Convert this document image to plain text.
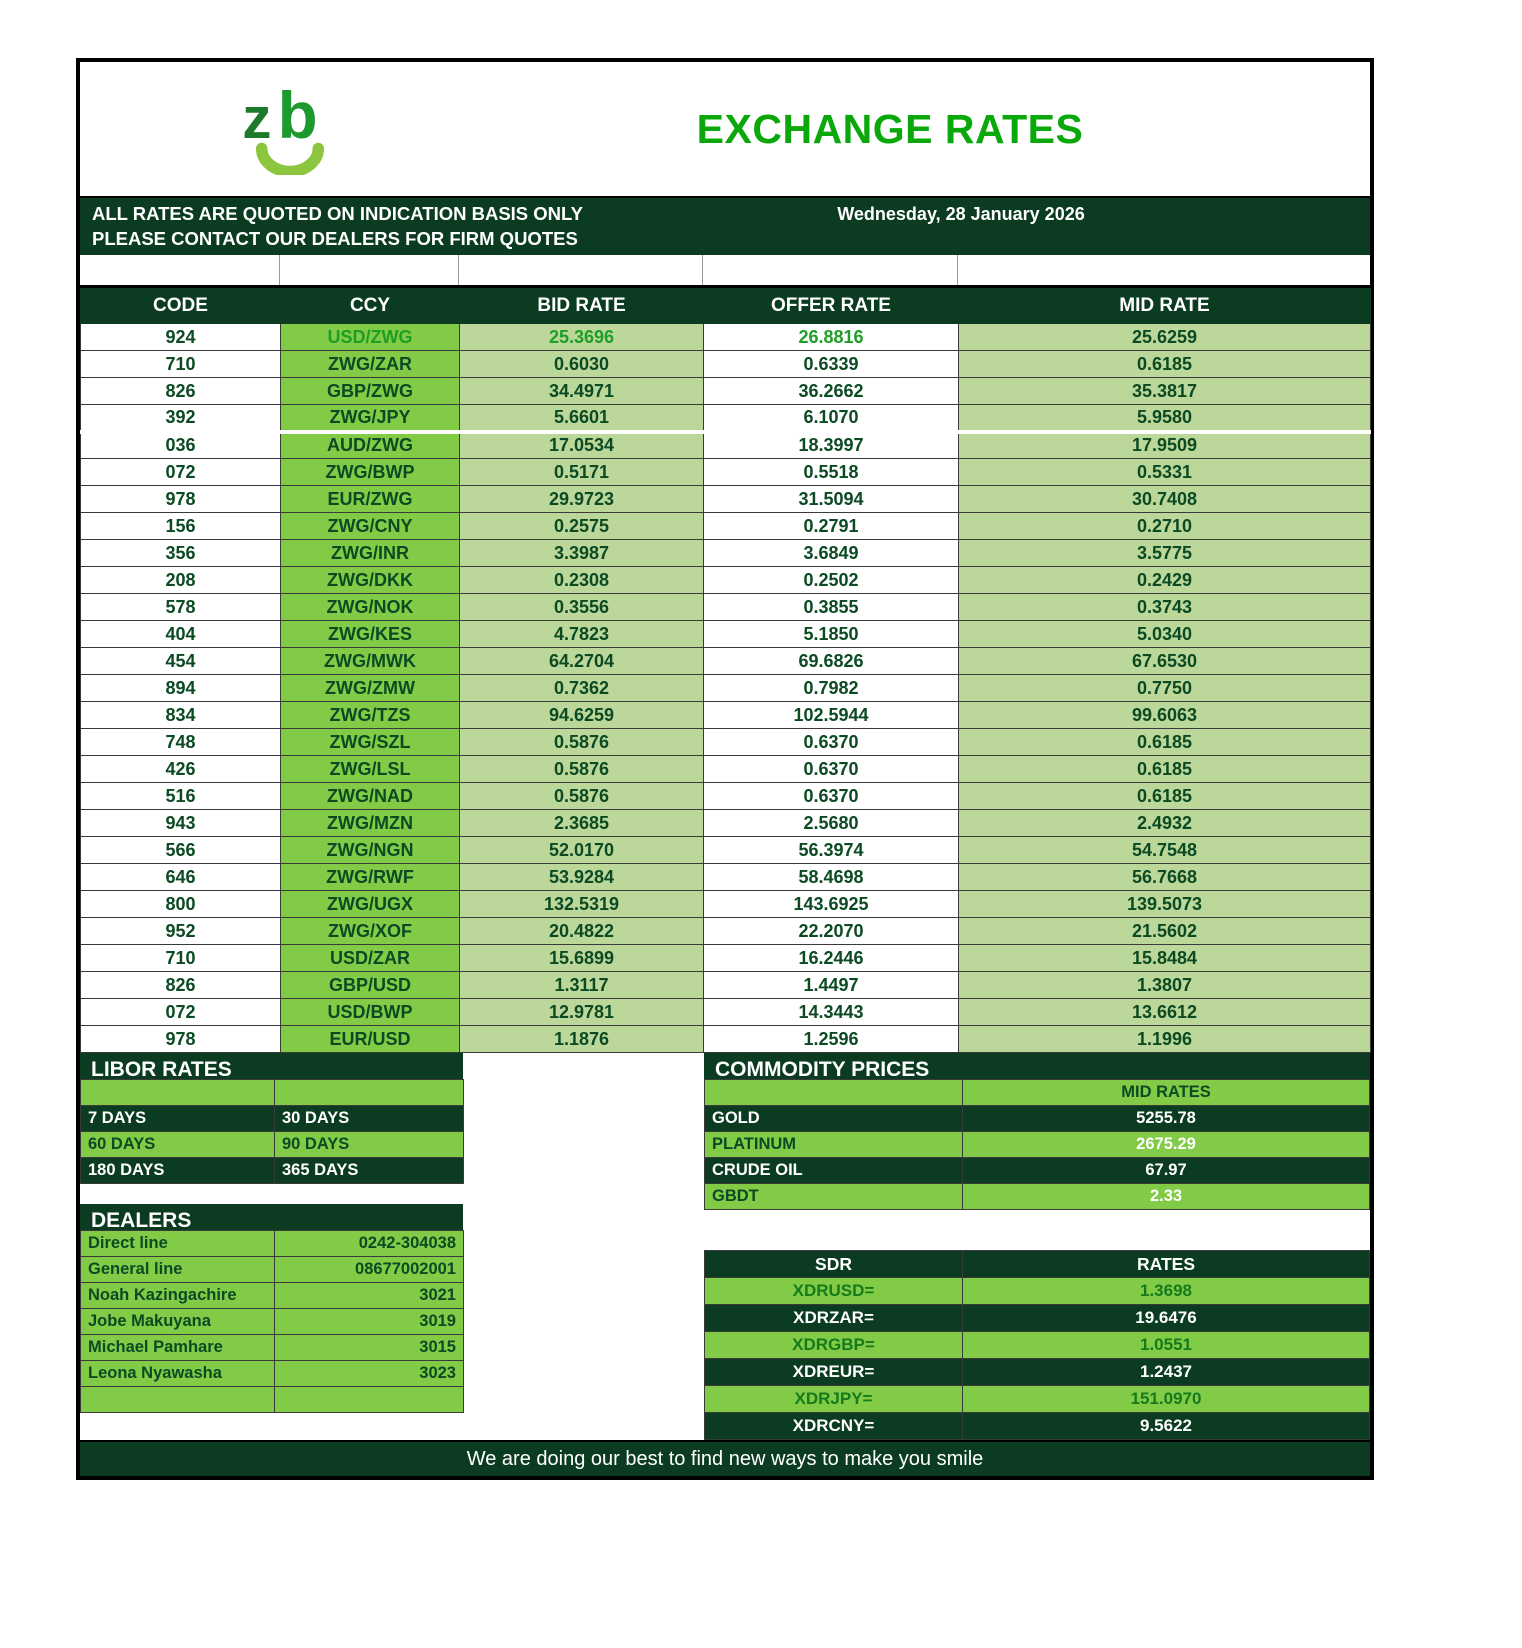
z b	EXCHANGE RATES
ALL RATES ARE QUOTED ON INDICATION BASIS ONLY
PLEASE CONTACT OUR DEALERS FOR FIRM QUOTES
Wednesday, 28 January 2026
CODE	CCY	BID RATE	OFFER RATE	MID RATE
924	USD/ZWG	25.3696	26.8816	25.6259
710	ZWG/ZAR	0.6030	0.6339	0.6185
826	GBP/ZWG	34.4971	36.2662	35.3817
392	ZWG/JPY	5.6601	6.1070	5.9580
036	AUD/ZWG	17.0534	18.3997	17.9509
072	ZWG/BWP	0.5171	0.5518	0.5331
978	EUR/ZWG	29.9723	31.5094	30.7408
156	ZWG/CNY	0.2575	0.2791	0.2710
356	ZWG/INR	3.3987	3.6849	3.5775
208	ZWG/DKK	0.2308	0.2502	0.2429
578	ZWG/NOK	0.3556	0.3855	0.3743
404	ZWG/KES	4.7823	5.1850	5.0340
454	ZWG/MWK	64.2704	69.6826	67.6530
894	ZWG/ZMW	0.7362	0.7982	0.7750
834	ZWG/TZS	94.6259	102.5944	99.6063
748	ZWG/SZL	0.5876	0.6370	0.6185
426	ZWG/LSL	0.5876	0.6370	0.6185
516	ZWG/NAD	0.5876	0.6370	0.6185
943	ZWG/MZN	2.3685	2.5680	2.4932
566	ZWG/NGN	52.0170	56.3974	54.7548
646	ZWG/RWF	53.9284	58.4698	56.7668
800	ZWG/UGX	132.5319	143.6925	139.5073
952	ZWG/XOF	20.4822	22.2070	21.5602
710	USD/ZAR	15.6899	16.2446	15.8484
826	GBP/USD	1.3117	1.4497	1.3807
072	USD/BWP	12.9781	14.3443	13.6612
978	EUR/USD	1.1876	1.2596	1.1996
LIBOR RATES

7 DAYS	30 DAYS
60 DAYS	90 DAYS
180 DAYS	365 DAYS
DEALERS
Direct line	0242-304038
General line	08677002001
Noah Kazingachire	3021
Jobe Makuyana	3019
Michael Pamhare	3015
Leona Nyawasha	3023

COMMODITY PRICES

	MID RATES
GOLD	5255.78
PLATINUM	2675.29
CRUDE OIL	67.97
GBDT	2.33
SDR	RATES
XDRUSD=	1.3698
XDRZAR=	19.6476
XDRGBP=	1.0551
XDREUR=	1.2437
XDRJPY=	151.0970
XDRCNY=	9.5622
We are doing our best to find new ways to make you smile
